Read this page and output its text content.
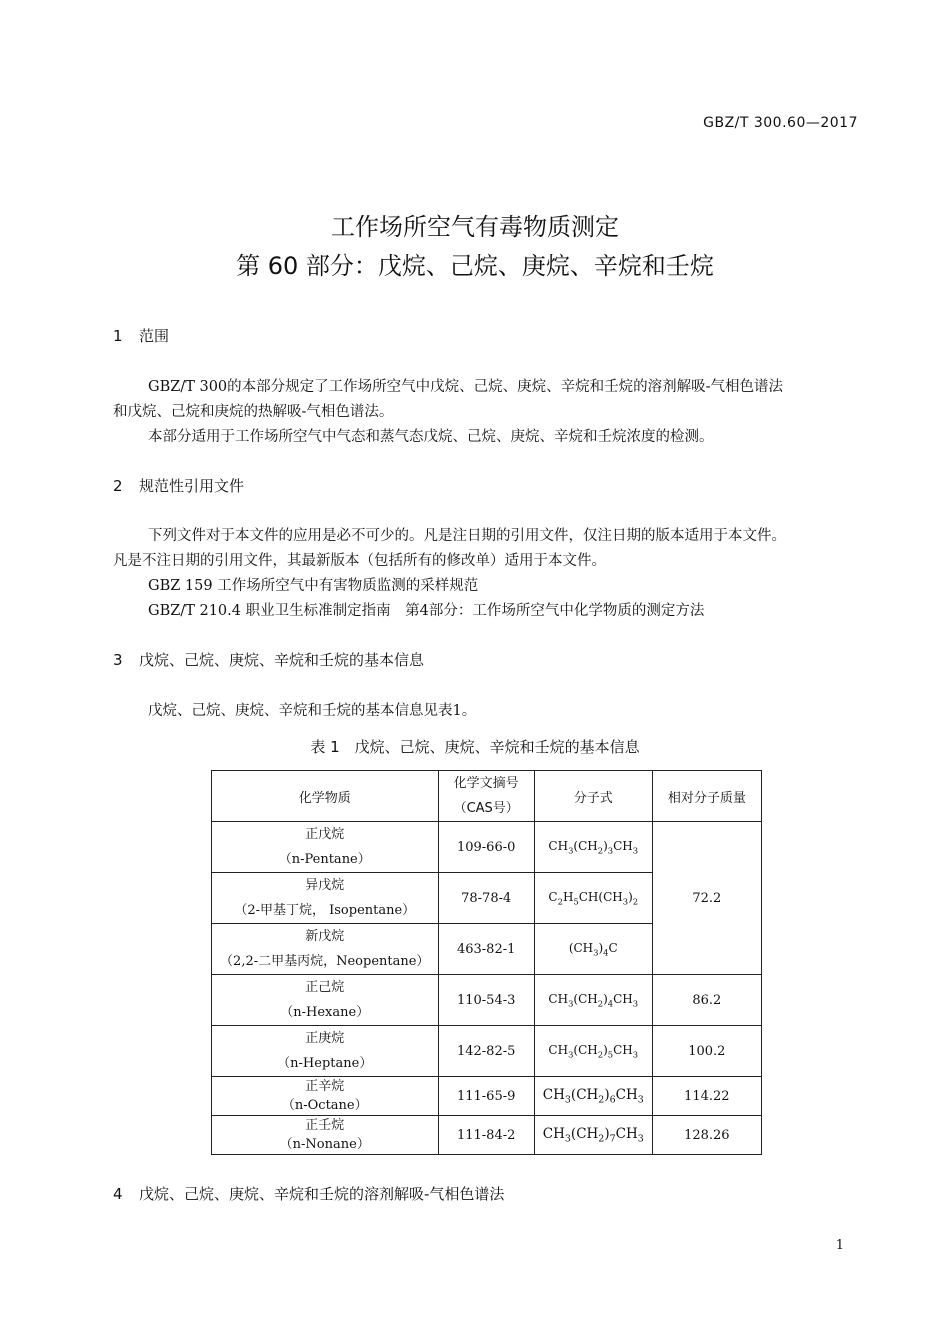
GBZ/T 300.60—2017
工作场所空气有毒物质测定
第 60 部分：戊烷、己烷、庚烷、辛烷和壬烷
1 范围
GBZ/T 300的本部分规定了工作场所空气中戊烷、己烷、庚烷、辛烷和壬烷的溶剂解吸-气相色谱法
和戊烷、己烷和庚烷的热解吸-气相色谱法。
本部分适用于工作场所空气中气态和蒸气态戊烷、己烷、庚烷、辛烷和壬烷浓度的检测。
2 规范性引用文件
下列文件对于本文件的应用是必不可少的。凡是注日期的引用文件，仅注日期的版本适用于本文件。
凡是不注日期的引用文件，其最新版本（包括所有的修改单）适用于本文件。
GBZ 159 工作场所空气中有害物质监测的采样规范
GBZ/T 210.4 职业卫生标准制定指南　第4部分：工作场所空气中化学物质的测定方法
3 戊烷、己烷、庚烷、辛烷和壬烷的基本信息
戊烷、己烷、庚烷、辛烷和壬烷的基本信息见表1。
表 1　戊烷、己烷、庚烷、辛烷和壬烷的基本信息
化学物质	化学文摘号
（CAS号）	分子式	相对分子质量
正戊烷
（n-Pentane）	109-66-0	$CH_3(CH_2)_3CH_3$	72.2
异戊烷
（2-甲基丁烷， Isopentane）	78-78-4	$C_2H_5CH(CH_3)_2$
新戊烷
（2,2-二甲基丙烷，Neopentane）	463-82-1	$(CH_3)_4C$	
正己烷
（n-Hexane）	110-54-3	$CH_3(CH_2)_4CH_3$	86.2
正庚烷
（n-Heptane）	142-82-5	$CH_3(CH_2)_5CH_3$	100.2
正辛烷
（n-Octane）	111-65-9	$CH_3(CH_2)_6CH_3$	114.22
正壬烷
（n-Nonane）	111-84-2	$CH_3(CH_2)_7CH_3$	128.26
4 戊烷、己烷、庚烷、辛烷和壬烷的溶剂解吸-气相色谱法
1
